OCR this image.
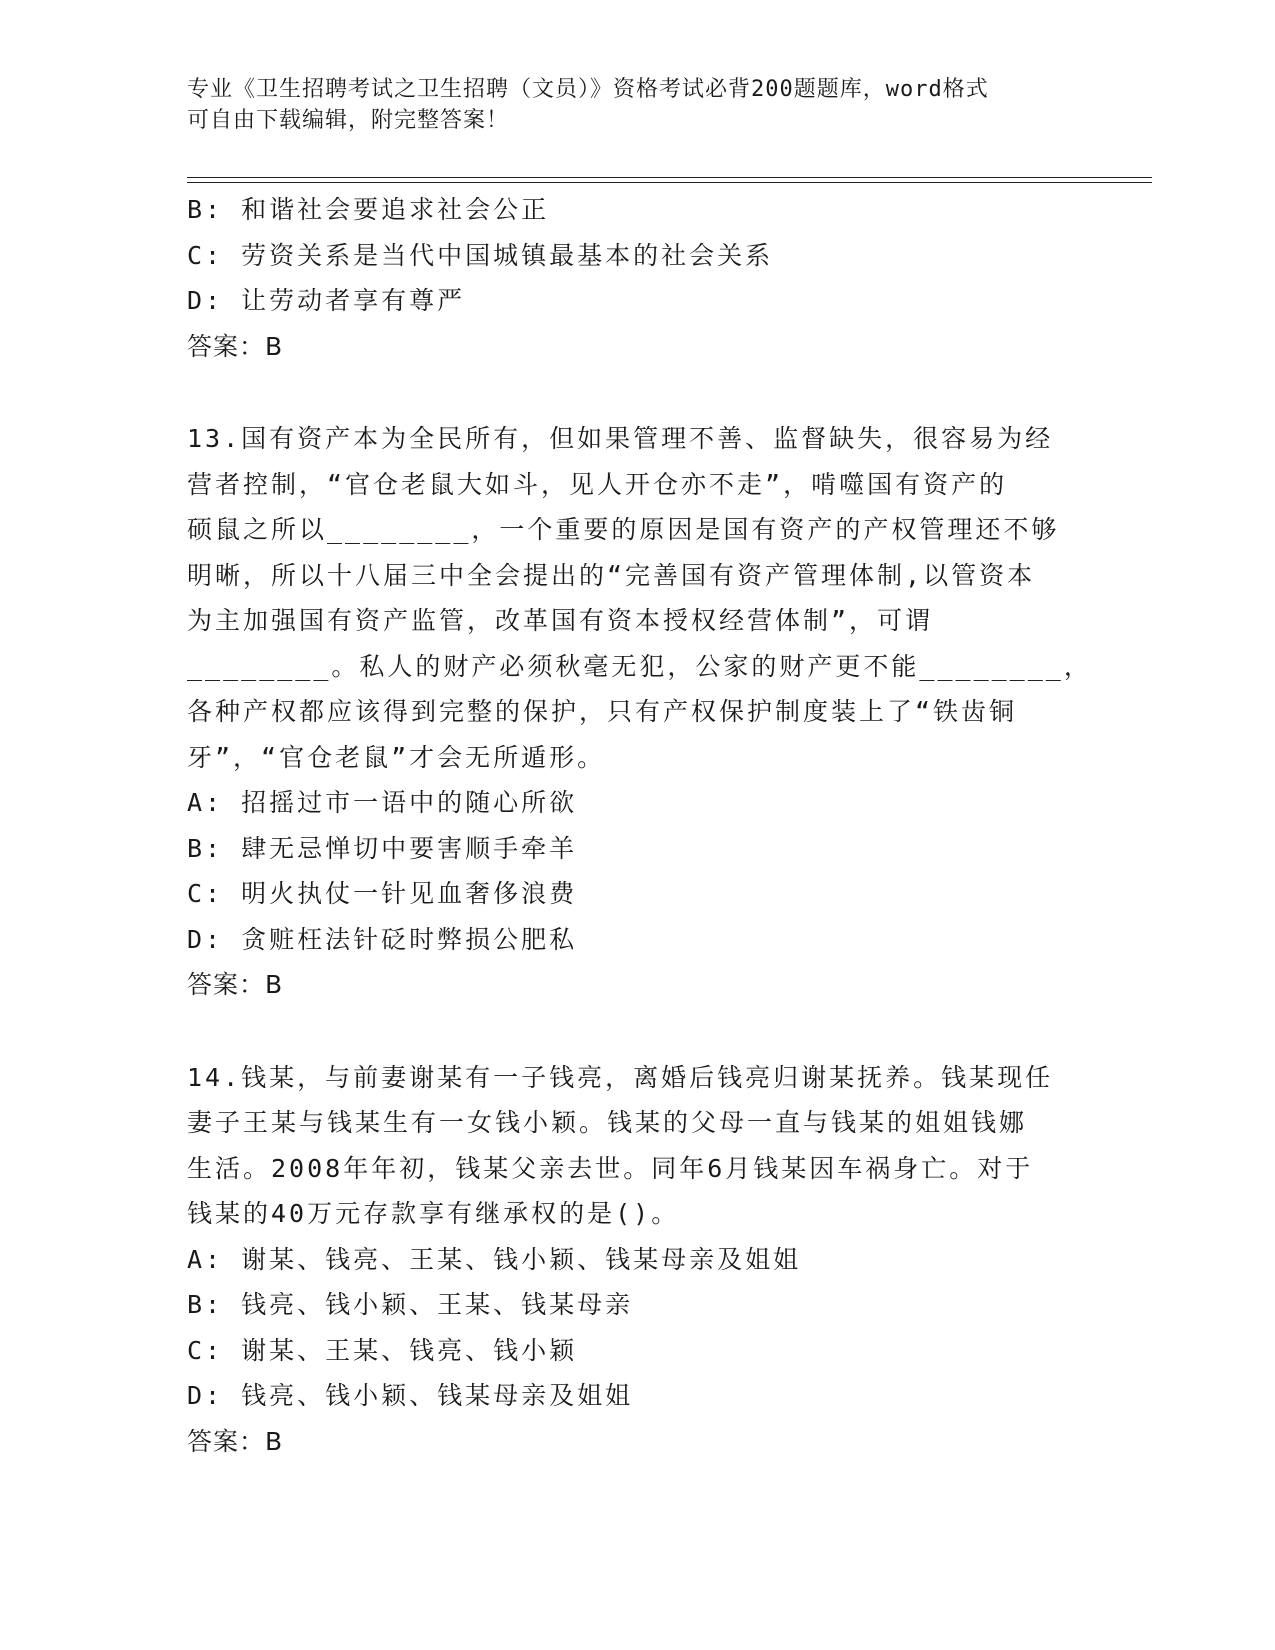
专业《卫生招聘考试之卫生招聘（文员）》资格考试必背200题题库，word格式
可自由下载编辑，附完整答案！
B: 和谐社会要追求社会公正
C: 劳资关系是当代中国城镇最基本的社会关系
D: 让劳动者享有尊严
答案：B
13.国有资产本为全民所有，但如果管理不善、监督缺失，很容易为经
营者控制，“官仓老鼠大如斗，见人开仓亦不走”，啃噬国有资产的
硕鼠之所以________，一个重要的原因是国有资产的产权管理还不够
明晰，所以十八届三中全会提出的“完善国有资产管理体制,以管资本
为主加强国有资产监管，改革国有资本授权经营体制”，可谓
________。私人的财产必须秋毫无犯，公家的财产更不能________，
各种产权都应该得到完整的保护，只有产权保护制度装上了“铁齿铜
牙”，“官仓老鼠”才会无所遁形。
A: 招摇过市一语中的随心所欲
B: 肆无忌惮切中要害顺手牵羊
C: 明火执仗一针见血奢侈浪费
D: 贪赃枉法针砭时弊损公肥私
答案：B
14.钱某，与前妻谢某有一子钱亮，离婚后钱亮归谢某抚养。钱某现任
妻子王某与钱某生有一女钱小颖。钱某的父母一直与钱某的姐姐钱娜
生活。2008年年初，钱某父亲去世。同年6月钱某因车祸身亡。对于
钱某的40万元存款享有继承权的是()。
A: 谢某、钱亮、王某、钱小颖、钱某母亲及姐姐
B: 钱亮、钱小颖、王某、钱某母亲
C: 谢某、王某、钱亮、钱小颖
D: 钱亮、钱小颖、钱某母亲及姐姐
答案：B
